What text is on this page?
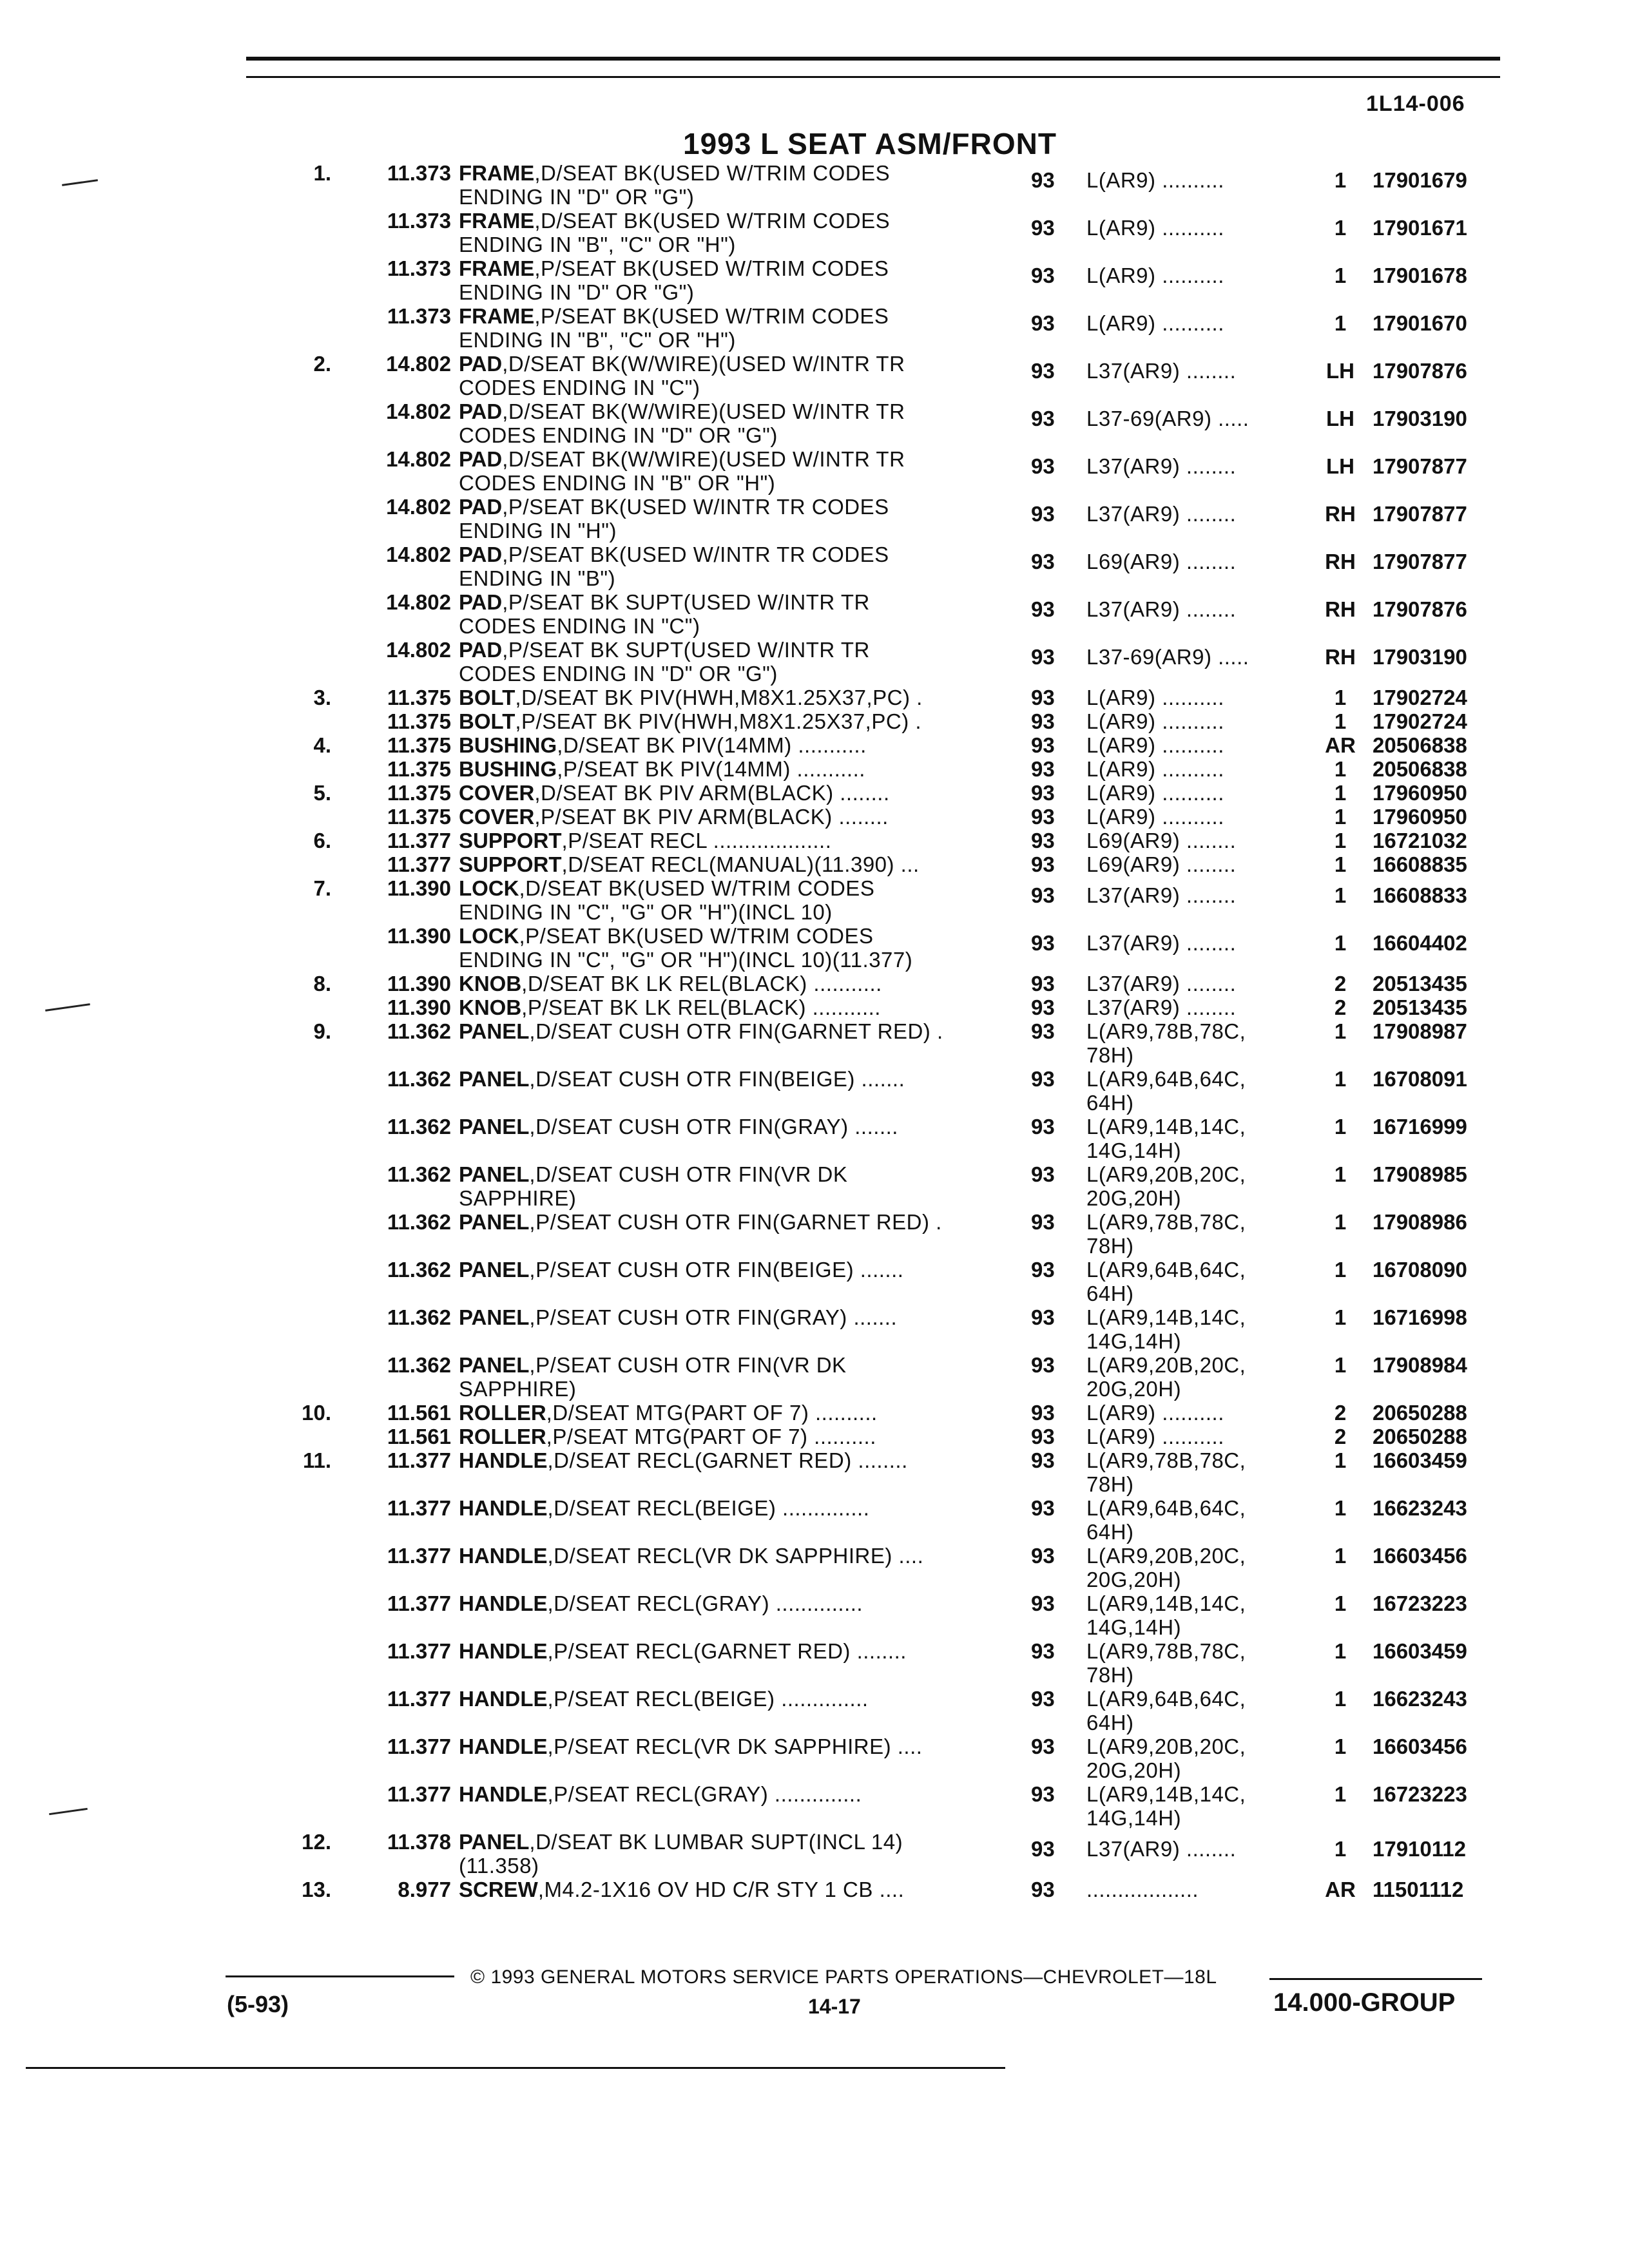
1L14-006
1993 L SEAT ASM/FRONT
1.	11.373 FRAME,D/SEAT BK(USED W/TRIM CODES
ENDING IN "D" OR "G")
93	L(AR9) ..........	1	17901679
11.373 FRAME,D/SEAT BK(USED W/TRIM CODES
ENDING IN "B", "C" OR "H")
93	L(AR9) ..........	1	17901671
11.373 FRAME,P/SEAT BK(USED W/TRIM CODES
ENDING IN "D" OR "G")
93	L(AR9) ..........	1	17901678
11.373 FRAME,P/SEAT BK(USED W/TRIM CODES
ENDING IN "B", "C" OR "H")
93	L(AR9) ..........	1	17901670
2.	14.802 PAD,D/SEAT BK(W/WIRE)(USED W/INTR TR
CODES ENDING IN "C")
93	L37(AR9) ........	LH 17907876
14.802 PAD,D/SEAT BK(W/WIRE)(USED W/INTR TR
CODES ENDING IN "D" OR "G")
93	L37-69(AR9) .....	LH 17903190
14.802 PAD,D/SEAT BK(W/WIRE)(USED W/INTR TR
CODES ENDING IN "B" OR "H")
93	L37(AR9) ........	LH 17907877
14.802 PAD,P/SEAT BK(USED W/INTR TR CODES
ENDING IN "H")
93	L37(AR9) ........	RH 17907877
14.802 PAD,P/SEAT BK(USED W/INTR TR CODES
ENDING IN "B")
93	L69(AR9) ........	RH 17907877
14.802 PAD,P/SEAT BK SUPT(USED W/INTR TR
CODES ENDING IN "C")
93	L37(AR9) ........	RH 17907876
14.802 PAD,P/SEAT BK SUPT(USED W/INTR TR
CODES ENDING IN "D" OR "G")
93	L37-69(AR9) .....	RH 17903190
3.	11.375 BOLT,D/SEAT BK PIV(HWH,M8X1.25X37,PC) .	93	L(AR9) ..........	1	17902724
11.375 BOLT,P/SEAT BK PIV(HWH,M8X1.25X37,PC) .	93	L(AR9) ..........	1	17902724
4.	11.375 BUSHING,D/SEAT BK PIV(14MM) ...........	93	L(AR9) ..........	AR 20506838
11.375 BUSHING,P/SEAT BK PIV(14MM) ...........	93	L(AR9) ..........	1	20506838
5.	11.375 COVER,D/SEAT BK PIV ARM(BLACK) ........	93	L(AR9) ..........	1	17960950
11.375 COVER,P/SEAT BK PIV ARM(BLACK) ........	93	L(AR9) ..........	1	17960950
6.	11.377 SUPPORT,P/SEAT RECL ...................	93	L69(AR9) ........	1	16721032
11.377 SUPPORT,D/SEAT RECL(MANUAL)(11.390) ...	93	L69(AR9) ........	1	16608835
7.	11.390 LOCK,D/SEAT BK(USED W/TRIM CODES
ENDING IN "C", "G" OR "H")(INCL 10)
93	L37(AR9) ........	1	16608833
11.390 LOCK,P/SEAT BK(USED W/TRIM CODES
ENDING IN "C", "G" OR "H")(INCL 10)(11.377)
93	L37(AR9) ........	1	16604402
8.	11.390 KNOB,D/SEAT BK LK REL(BLACK) ...........	93	L37(AR9) ........	2	20513435
11.390 KNOB,P/SEAT BK LK REL(BLACK) ...........	93	L37(AR9) ........	2	20513435
9.	11.362 PANEL,D/SEAT CUSH OTR FIN(GARNET RED) .	93	L(AR9,78B,78C,
78H)
1	17908987
11.362 PANEL,D/SEAT CUSH OTR FIN(BEIGE) .......	93	L(AR9,64B,64C,
64H)
1	16708091
11.362 PANEL,D/SEAT CUSH OTR FIN(GRAY) .......	93	L(AR9,14B,14C,
14G,14H)
1	16716999
11.362 PANEL,D/SEAT CUSH OTR FIN(VR DK
SAPPHIRE)
93	L(AR9,20B,20C,
20G,20H)
1	17908985
11.362 PANEL,P/SEAT CUSH OTR FIN(GARNET RED) .	93	L(AR9,78B,78C,
78H)
1	17908986
11.362 PANEL,P/SEAT CUSH OTR FIN(BEIGE) .......	93	L(AR9,64B,64C,
64H)
1	16708090
11.362 PANEL,P/SEAT CUSH OTR FIN(GRAY) .......	93	L(AR9,14B,14C,
14G,14H)
1	16716998
11.362 PANEL,P/SEAT CUSH OTR FIN(VR DK
SAPPHIRE)
93	L(AR9,20B,20C,
20G,20H)
1	17908984
10.	11.561 ROLLER,D/SEAT MTG(PART OF 7) ..........	93	L(AR9) ..........	2	20650288
11.561 ROLLER,P/SEAT MTG(PART OF 7) ..........	93	L(AR9) ..........	2	20650288
11.	11.377 HANDLE,D/SEAT RECL(GARNET RED) ........	93	L(AR9,78B,78C,
78H)
1	16603459
11.377 HANDLE,D/SEAT RECL(BEIGE) ..............	93	L(AR9,64B,64C,
64H)
1	16623243
11.377 HANDLE,D/SEAT RECL(VR DK SAPPHIRE) ....	93	L(AR9,20B,20C,
20G,20H)
1	16603456
11.377 HANDLE,D/SEAT RECL(GRAY) ..............	93	L(AR9,14B,14C,
14G,14H)
1	16723223
11.377 HANDLE,P/SEAT RECL(GARNET RED) ........	93	L(AR9,78B,78C,
78H)
1	16603459
11.377 HANDLE,P/SEAT RECL(BEIGE) ..............	93	L(AR9,64B,64C,
64H)
1	16623243
11.377 HANDLE,P/SEAT RECL(VR DK SAPPHIRE) ....	93	L(AR9,20B,20C,
20G,20H)
1	16603456
11.377 HANDLE,P/SEAT RECL(GRAY) ..............	93	L(AR9,14B,14C,
14G,14H)
1	16723223
12.	11.378 PANEL,D/SEAT BK LUMBAR SUPT(INCL 14)
(11.358)
93	L37(AR9) ........	1	17910112
13.	8.977 SCREW,M4.2-1X16 OV HD C/R STY 1 CB ....	93	..................	AR 11501112
© 1993 GENERAL MOTORS SERVICE PARTS OPERATIONS—CHEVROLET—18L
(5-93)	14-17	14.000-GROUP
